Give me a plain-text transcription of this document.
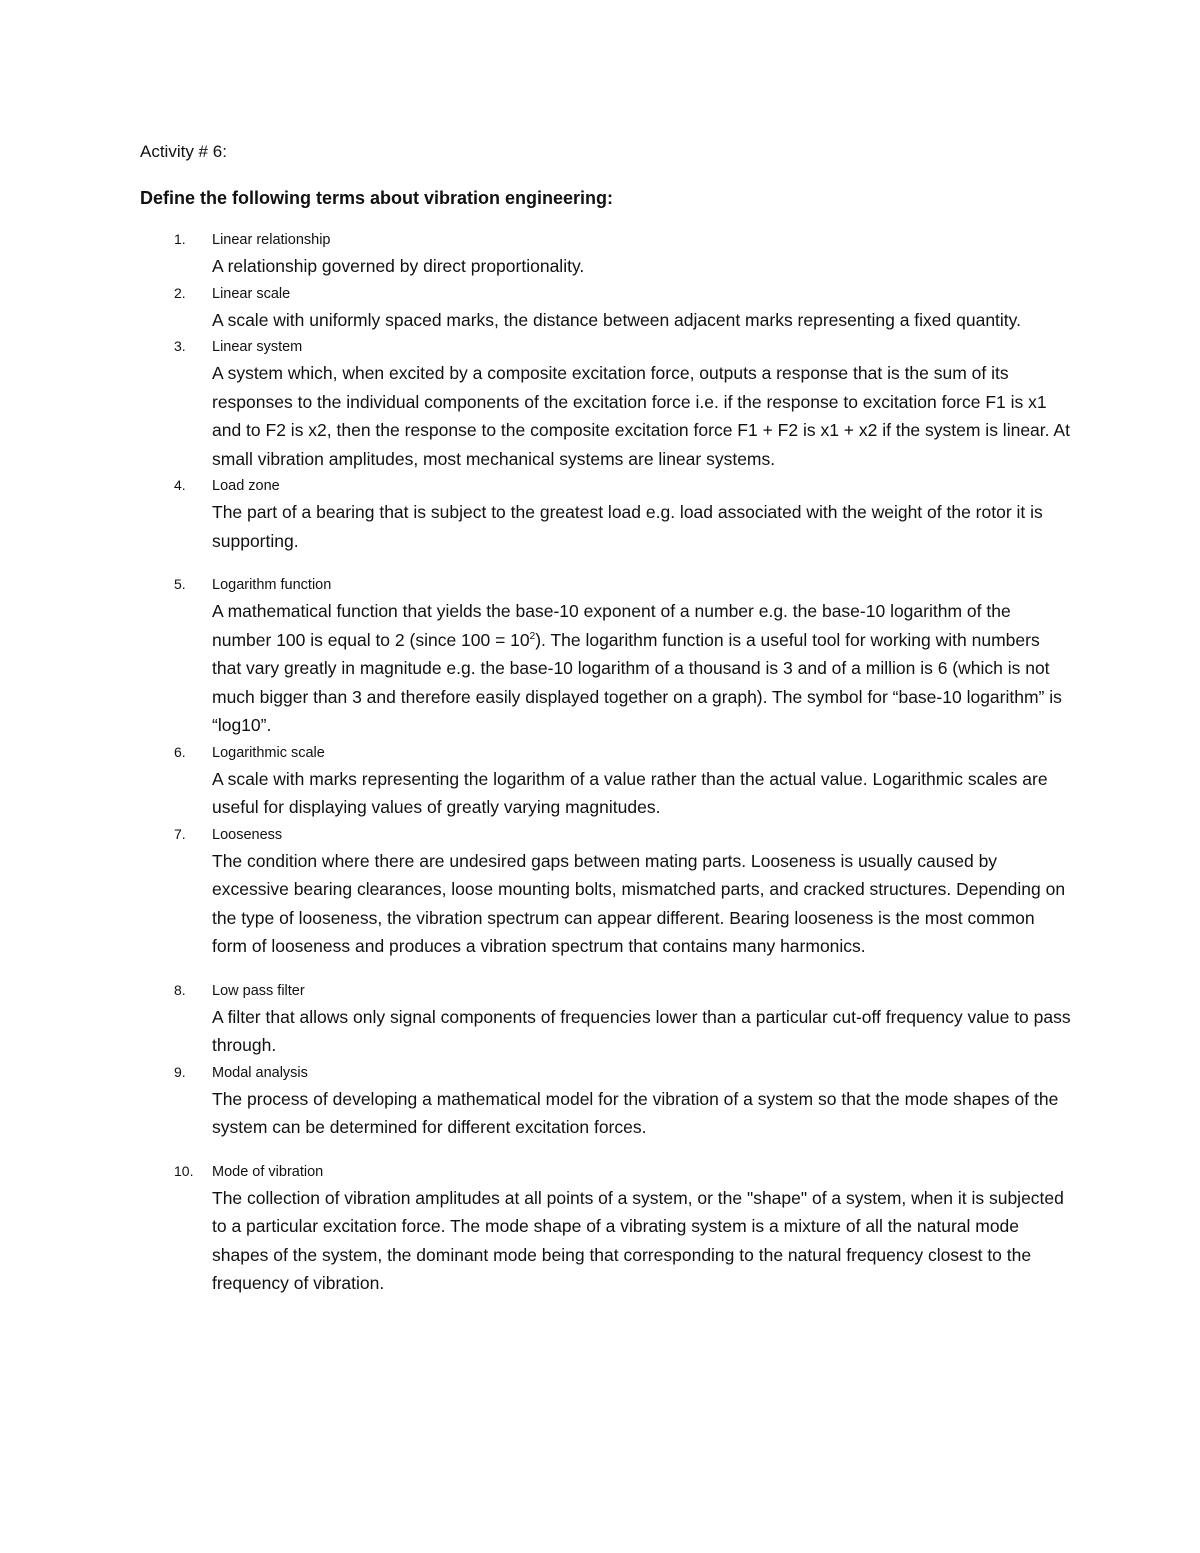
Activity # 6:

Define the following terms about vibration engineering:
1. Linear relationship
A relationship governed by direct proportionality.
2. Linear scale
A scale with uniformly spaced marks, the distance between adjacent marks representing a fixed quantity.
3. Linear system
A system which, when excited by a composite excitation force, outputs a response that is the sum of its responses to the individual components of the excitation force i.e. if the response to excitation force F1 is x1 and to F2 is x2, then the response to the composite excitation force F1 + F2 is x1 + x2 if the system is linear. At small vibration amplitudes, most mechanical systems are linear systems.
4. Load zone
The part of a bearing that is subject to the greatest load e.g. load associated with the weight of the rotor it is supporting.
5. Logarithm function
A mathematical function that yields the base-10 exponent of a number e.g. the base-10 logarithm of the number 100 is equal to 2 (since $100 = 10^2$). The logarithm function is a useful tool for working with numbers that vary greatly in magnitude e.g. the base-10 logarithm of a thousand is 3 and of a million is 6 (which is not much bigger than 3 and therefore easily displayed together on a graph). The symbol for “base-10 logarithm” is “log10”.
6. Logarithmic scale
A scale with marks representing the logarithm of a value rather than the actual value. Logarithmic scales are useful for displaying values of greatly varying magnitudes.
7. Looseness
The condition where there are undesired gaps between mating parts. Looseness is usually caused by excessive bearing clearances, loose mounting bolts, mismatched parts, and cracked structures. Depending on the type of looseness, the vibration spectrum can appear different. Bearing looseness is the most common form of looseness and produces a vibration spectrum that contains many harmonics.
8. Low pass filter
A filter that allows only signal components of frequencies lower than a particular cut-off frequency value to pass through.
9. Modal analysis
The process of developing a mathematical model for the vibration of a system so that the mode shapes of the system can be determined for different excitation forces.
10. Mode of vibration
The collection of vibration amplitudes at all points of a system, or the "shape" of a system, when it is subjected to a particular excitation force. The mode shape of a vibrating system is a mixture of all the natural mode shapes of the system, the dominant mode being that corresponding to the natural frequency closest to the frequency of vibration.
